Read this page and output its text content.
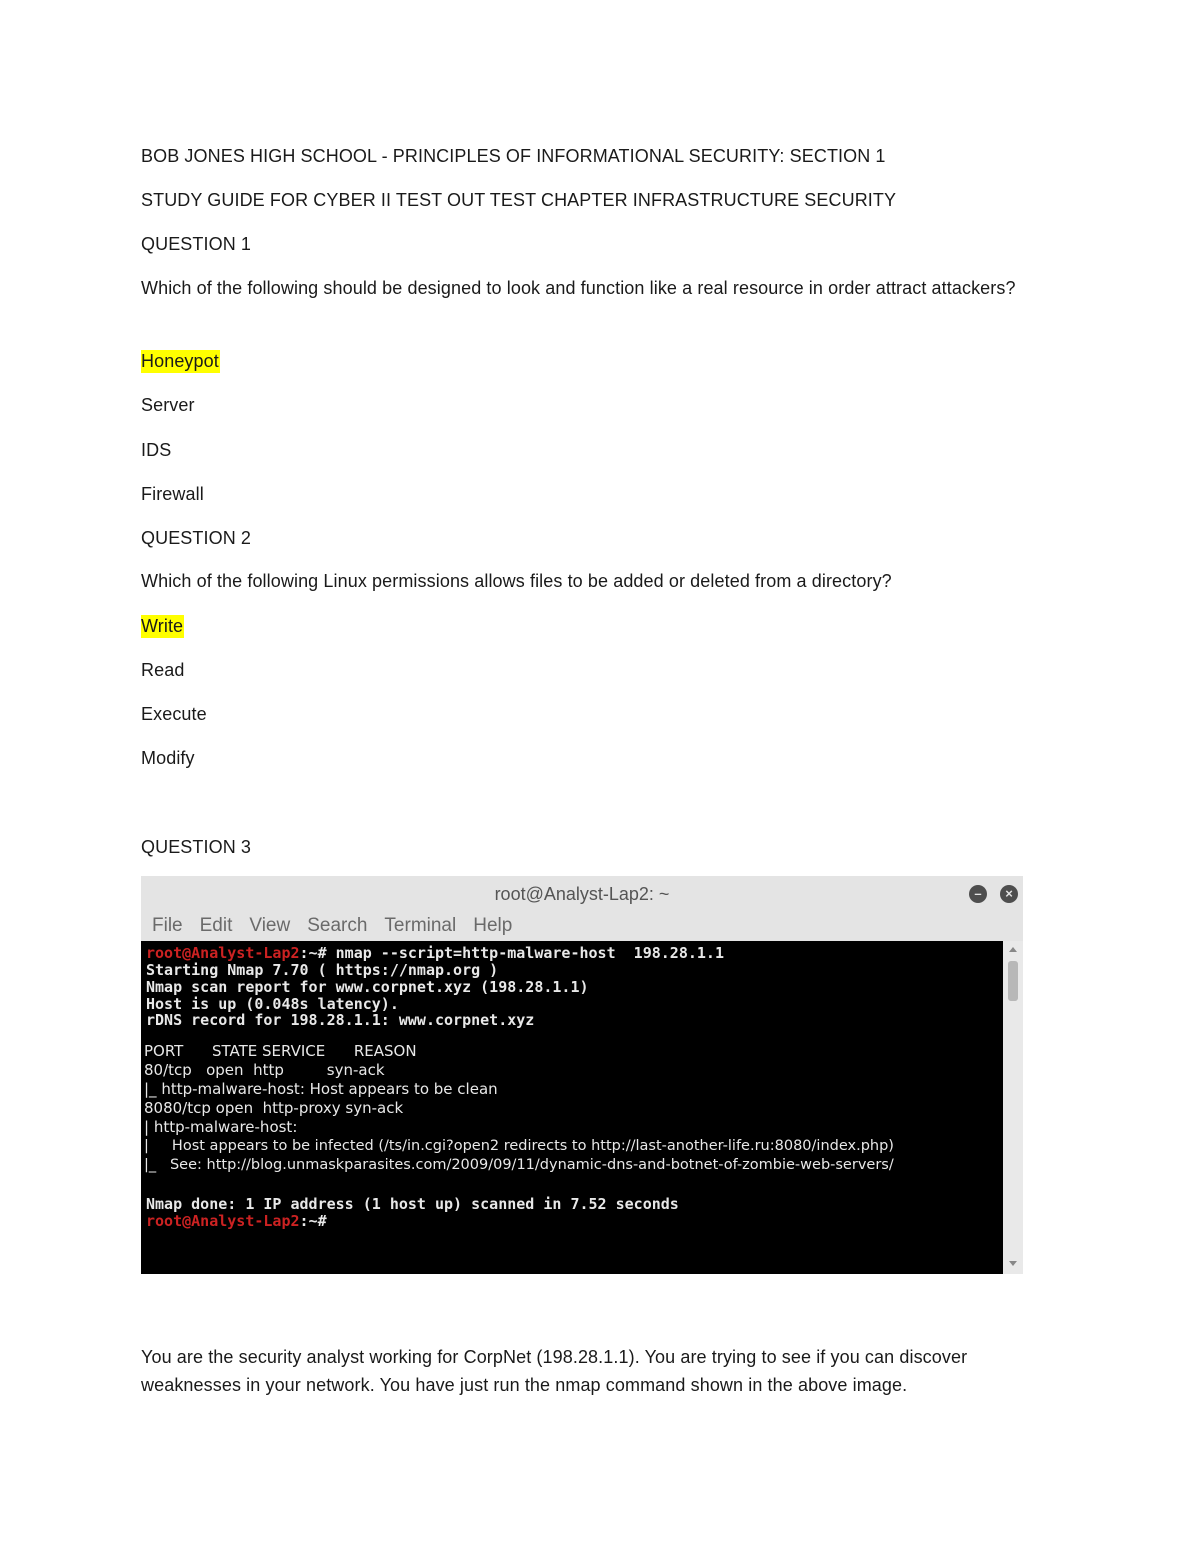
BOB JONES HIGH SCHOOL - PRINCIPLES OF INFORMATIONAL SECURITY: SECTION 1
STUDY GUIDE FOR CYBER II TEST OUT TEST CHAPTER INFRASTRUCTURE SECURITY
QUESTION 1
Which of the following should be designed to look and function like a real resource in order attract attackers?
Honeypot
Server
IDS
Firewall
QUESTION 2
Which of the following Linux permissions allows files to be added or deleted from a directory?
Write
Read
Execute
Modify
QUESTION 3
root@Analyst-Lap2: ~	–	×
File Edit View Search Terminal Help
root@Analyst-Lap2:~# nmap --script=http-malware-host  198.28.1.1
Starting Nmap 7.70 ( https://nmap.org )
Nmap scan report for www.corpnet.xyz (198.28.1.1)
Host is up (0.048s latency).
rDNS record for 198.28.1.1: www.corpnet.xyz
PORT      STATE SERVICE      REASON
80/tcp   open  http         syn-ack
|_ http-malware-host: Host appears to be clean
8080/tcp open  http-proxy syn-ack
| http-malware-host:
|     Host appears to be infected (/ts/in.cgi?open2 redirects to http://last-another-life.ru:8080/index.php)
|_   See: http://blog.unmaskparasites.com/2009/09/11/dynamic-dns-and-botnet-of-zombie-web-servers/
Nmap done: 1 IP address (1 host up) scanned in 7.52 seconds
root@Analyst-Lap2:~#
You are the security analyst working for CorpNet (198.28.1.1). You are trying to see if you can discover weaknesses in your network. You have just run the nmap command shown in the above image.
